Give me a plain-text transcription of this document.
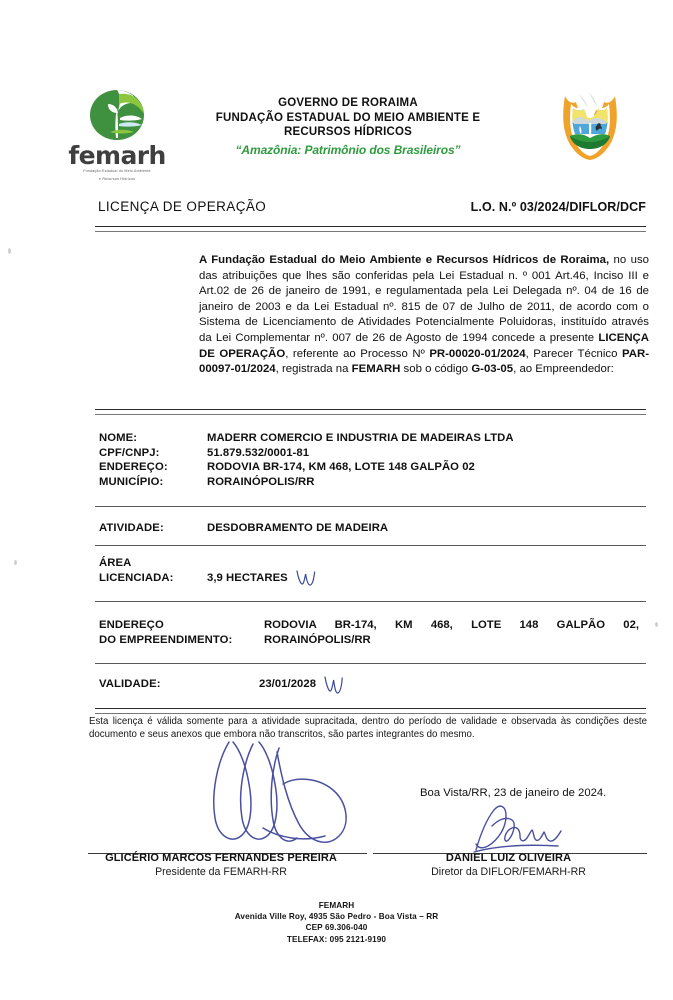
femarh
Fundação Estadual do Meio Ambiente
e Recursos Hídricos
GOVERNO DE RORAIMA
FUNDAÇÃO ESTADUAL DO MEIO AMBIENTE E
RECURSOS HÍDRICOS
“Amazônia: Patrimônio dos Brasileiros”
LICENÇA DE OPERAÇÃO	L.O. N.º 03/2024/DIFLOR/DCF
A Fundação Estadual do Meio Ambiente e Recursos Hídricos de Roraima, no uso das atribuições que lhes são conferidas pela Lei Estadual n. º 001 Art.46, Inciso III e Art.02 de 26 de janeiro de 1991, e regulamentada pela Lei Delegada nº. 04 de 16 de janeiro de 2003 e da Lei Estadual nº. 815 de 07 de Julho de 2011, de acordo com o Sistema de Licenciamento de Atividades Potencialmente Poluidoras, instituído através da Lei Complementar nº. 007 de 26 de Agosto de 1994 concede a presente LICENÇA DE OPERAÇÃO, referente ao Processo Nº PR-00020-01/2024, Parecer Técnico PAR-00097-01/2024, registrada na FEMARH sob o código G-03-05, ao Empreendedor:
NOME:	MADERR COMERCIO E INDUSTRIA DE MADEIRAS LTDA
CPF/CNPJ:	51.879.532/0001-81
ENDEREÇO:	RODOVIA BR-174, KM 468, LOTE 148 GALPÃO 02
MUNICÍPIO:	RORAINÓPOLIS/RR
ATIVIDADE:	DESDOBRAMENTO DE MADEIRA
ÁREA
LICENCIADA:	3,9 HECTARES
ENDEREÇO
DO EMPREENDIMENTO:
RODOVIA BR-174, KM 468, LOTE 148 GALPÃO 02,
RORAINÓPOLIS/RR
VALIDADE:	23/01/2028
Esta licença é válida somente para a atividade supracitada, dentro do período de validade e observada às condições deste documento e seus anexos que embora não transcritos, são partes integrantes do mesmo.
Boa Vista/RR, 23 de janeiro de 2024.
GLICÉRIO MARCOS FERNANDES PEREIRA
Presidente da FEMARH-RR
DANIEL LUIZ OLIVEIRA
Diretor da DIFLOR/FEMARH-RR
FEMARH
Avenida Ville Roy, 4935 São Pedro - Boa Vista – RR
CEP 69.306-040
TELEFAX: 095 2121-9190
